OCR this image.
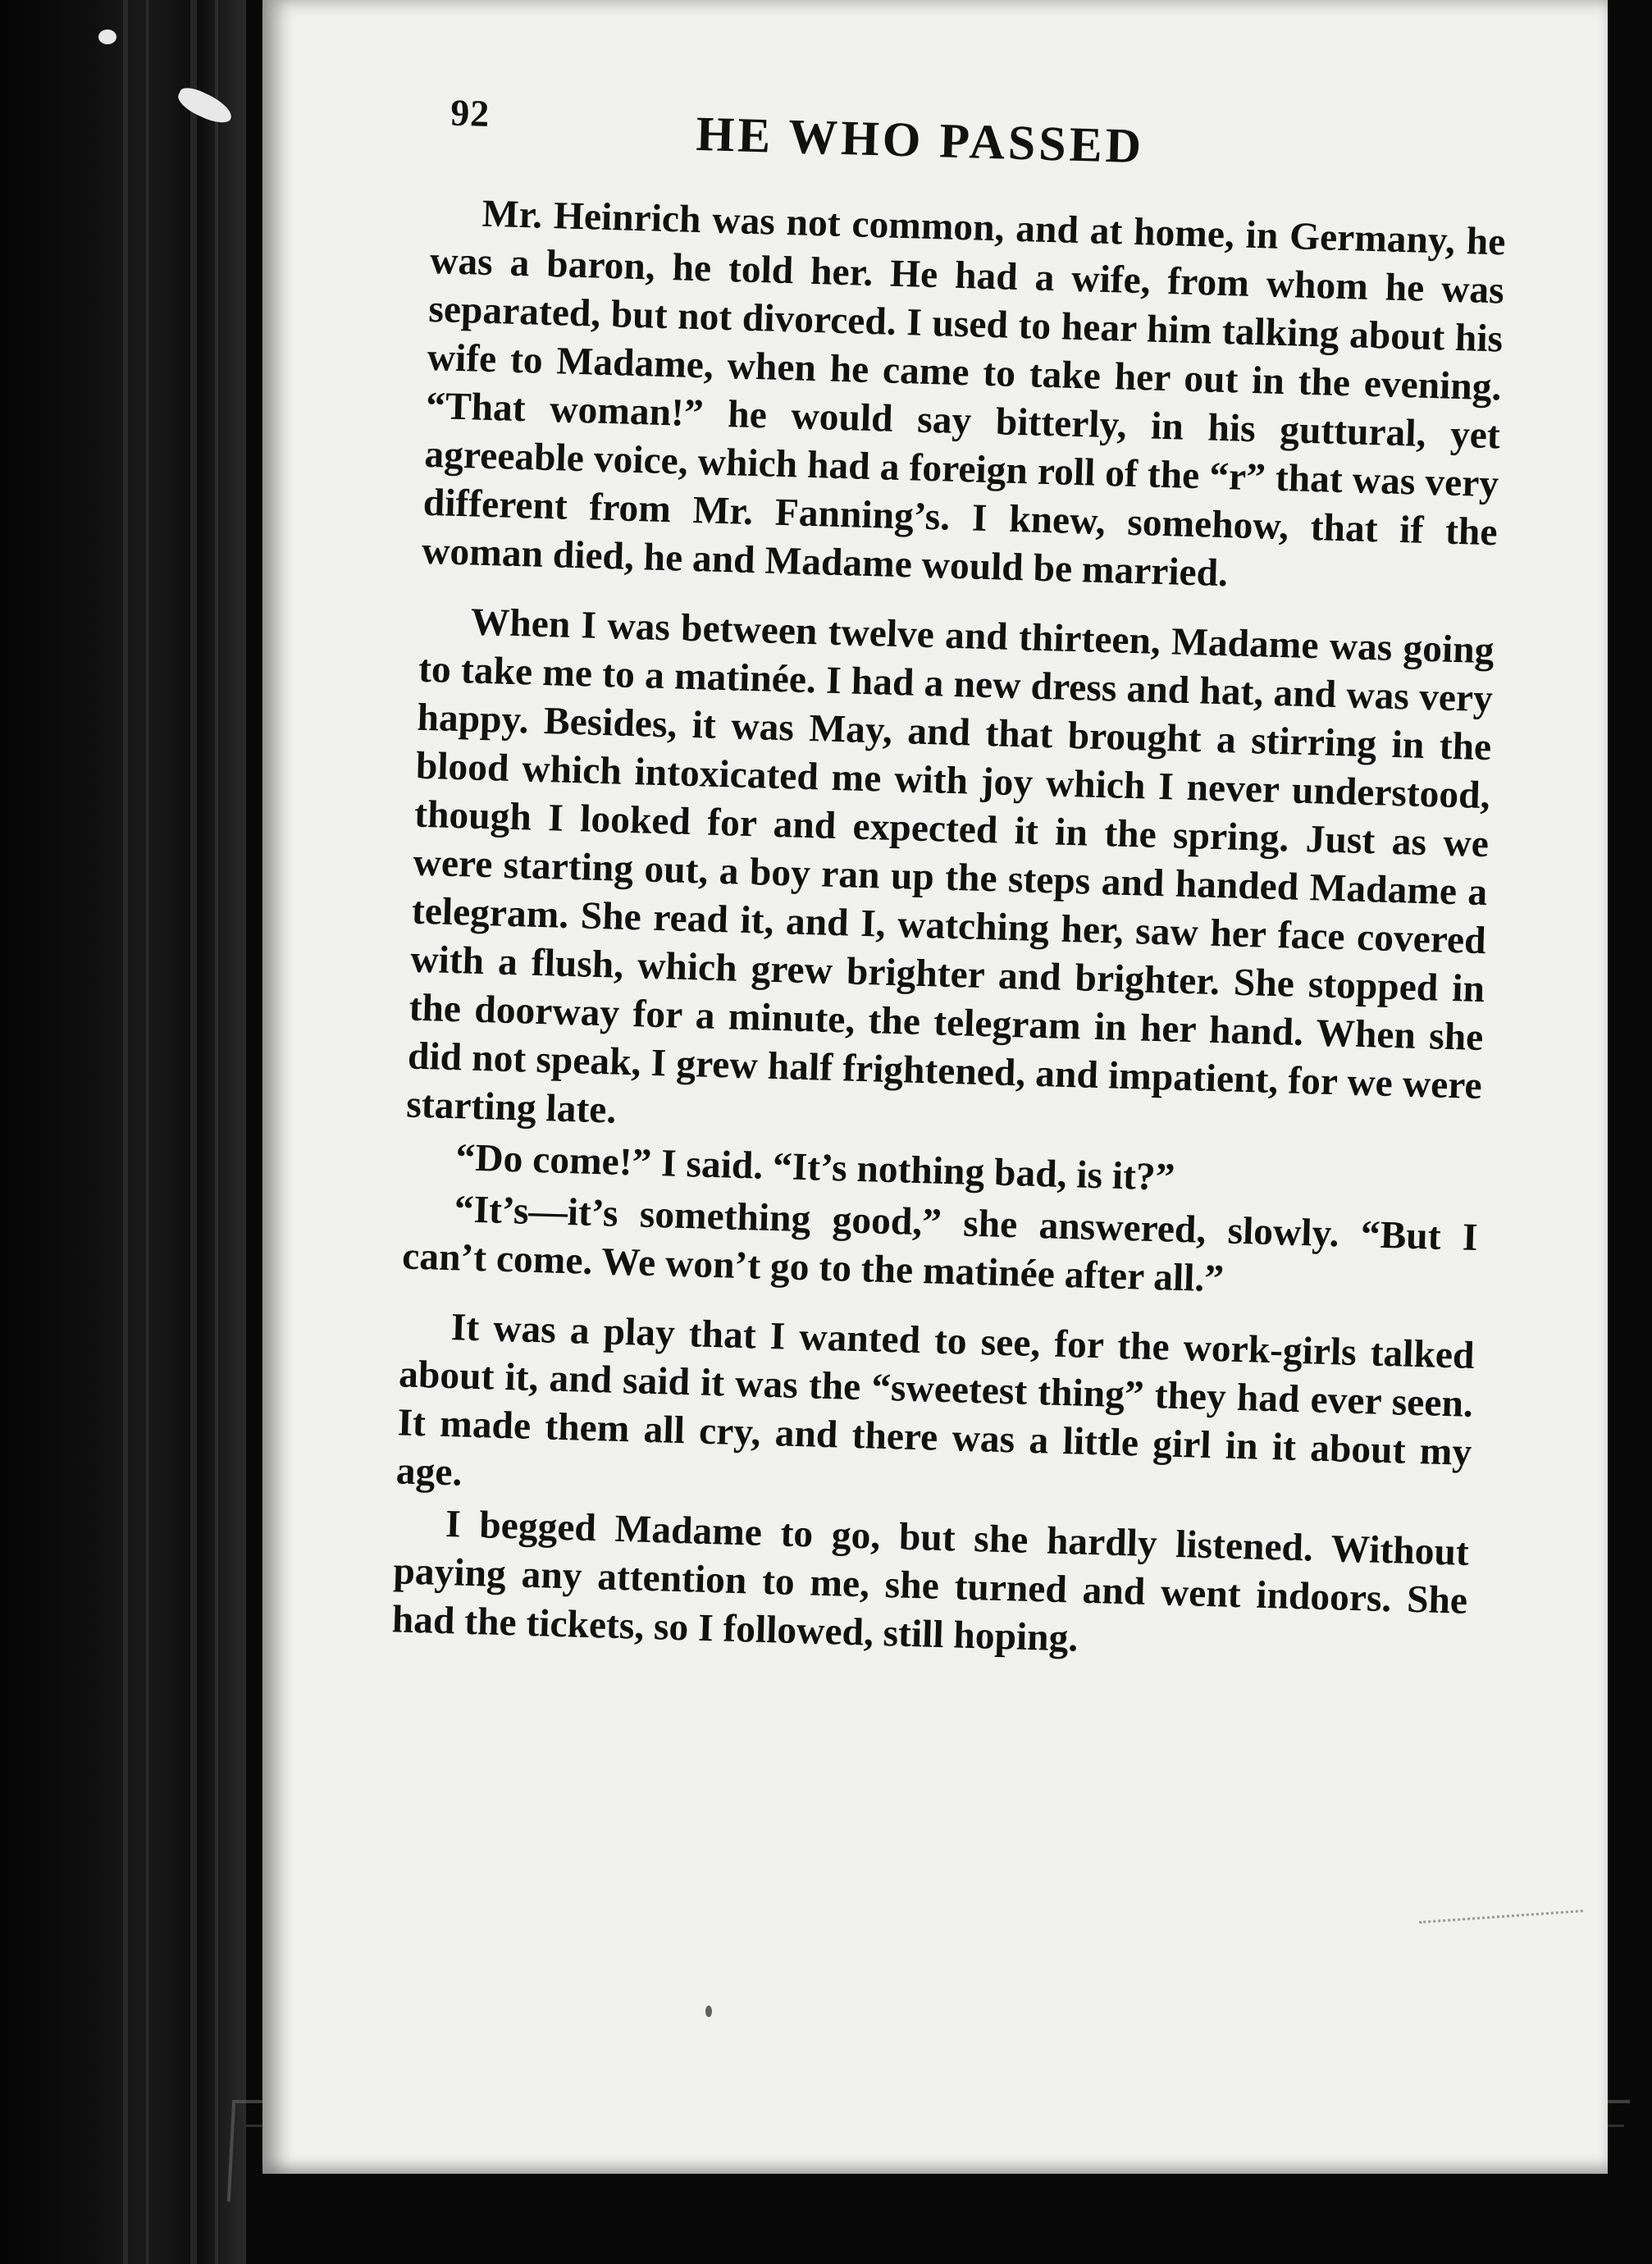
92	HE WHO PASSED

Mr. Heinrich was not common, and at home, in Germany, he was a baron, he told her. He had a wife, from whom he was separated, but not divorced. I used to hear him talking about his wife to Madame, when he came to take her out in the evening. “That woman!” he would say bitterly, in his guttural, yet agreeable voice, which had a foreign roll of the “r” that was very different from Mr. Fanning’s. I knew, somehow, that if the woman died, he and Madame would be married.

When I was between twelve and thirteen, Madame was going to take me to a matinée. I had a new dress and hat, and was very happy. Besides, it was May, and that brought a stirring in the blood which intoxicated me with joy which I never understood, though I looked for and expected it in the spring. Just as we were starting out, a boy ran up the steps and handed Madame a telegram. She read it, and I, watching her, saw her face covered with a flush, which grew brighter and brighter. She stopped in the doorway for a minute, the telegram in her hand. When she did not speak, I grew half frightened, and impatient, for we were starting late.

“Do come!” I said. “It’s nothing bad, is it?”

“It’s—it’s something good,” she answered, slowly. “But I can’t come. We won’t go to the matinée after all.”

It was a play that I wanted to see, for the work-girls talked about it, and said it was the “sweetest thing” they had ever seen. It made them all cry, and there was a little girl in it about my age.

I begged Madame to go, but she hardly listened. Without paying any attention to me, she turned and went indoors. She had the tickets, so I followed, still hoping.
